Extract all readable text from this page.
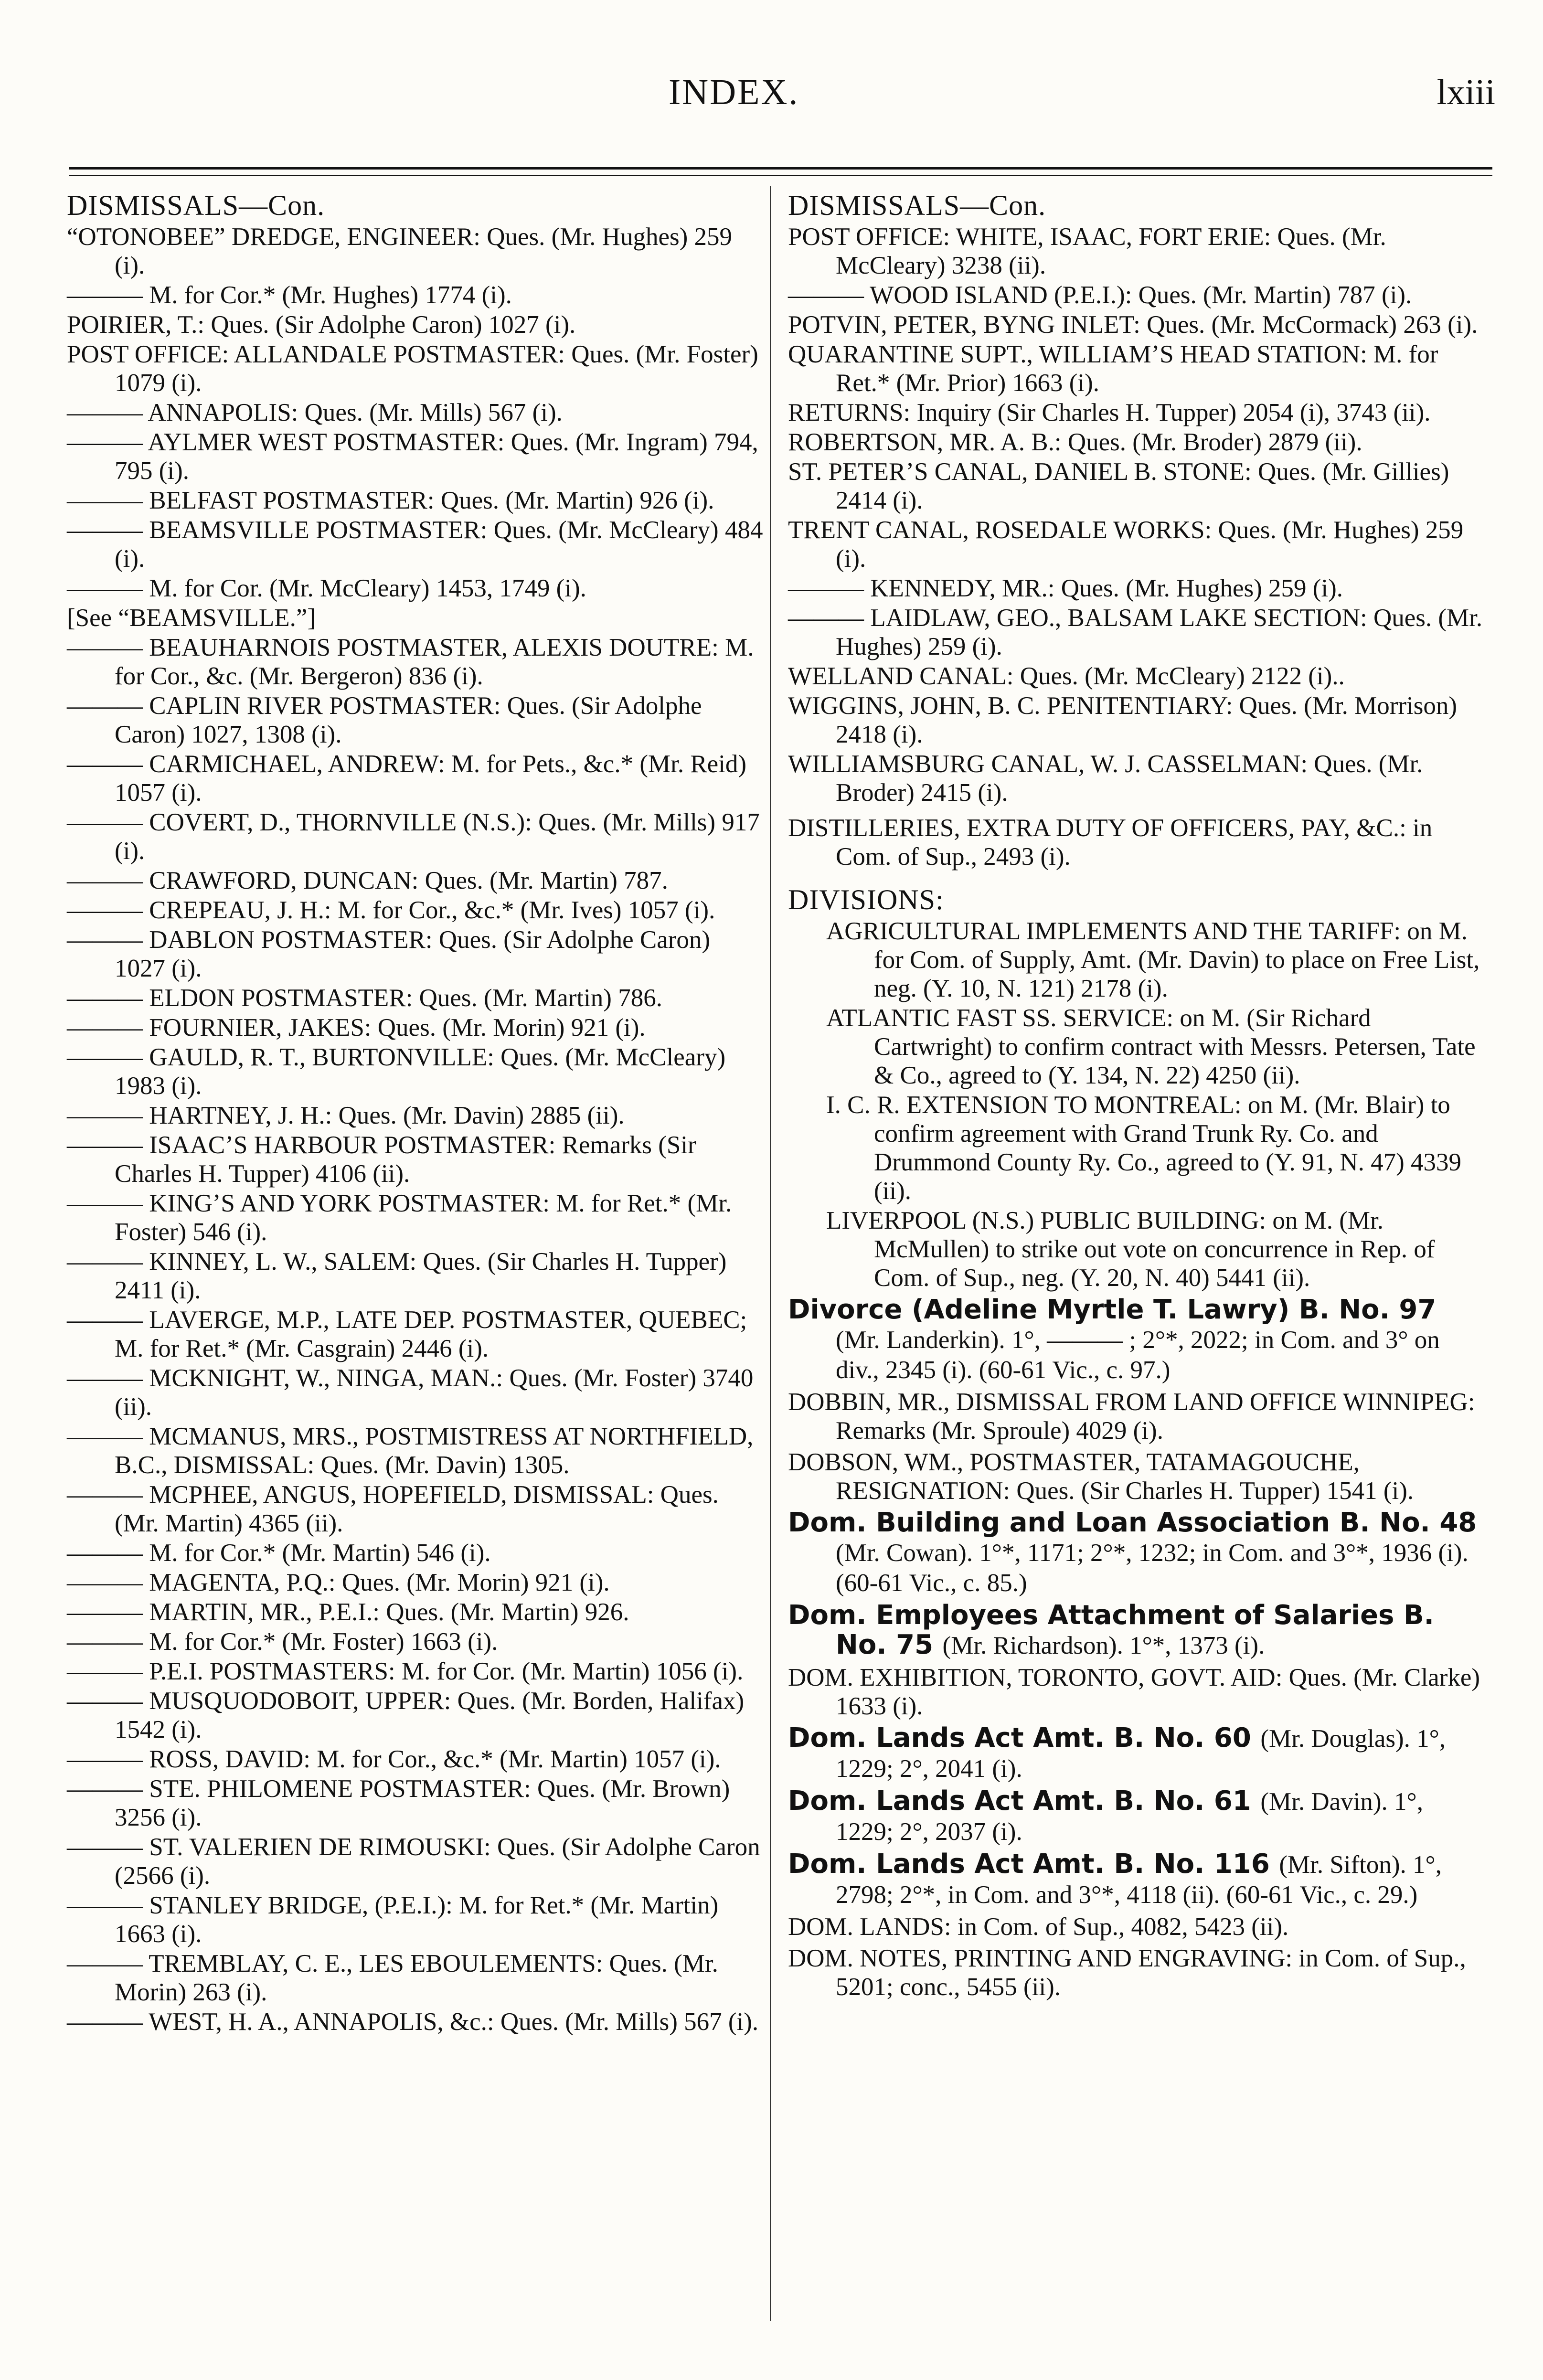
INDEX.	lxiii
DISMISSALS—Con.
“OTONOBEE” DREDGE, ENGINEER: Ques. (Mr. Hughes) 259 (i).
——— M. for Cor.* (Mr. Hughes) 1774 (i).
POIRIER, T.: Ques. (Sir Adolphe Caron) 1027 (i).
POST OFFICE: ALLANDALE POSTMASTER: Ques. (Mr. Foster) 1079 (i).
——— ANNAPOLIS: Ques. (Mr. Mills) 567 (i).
——— AYLMER WEST POSTMASTER: Ques. (Mr. Ingram) 794, 795 (i).
——— BELFAST POSTMASTER: Ques. (Mr. Martin) 926 (i).
——— BEAMSVILLE POSTMASTER: Ques. (Mr. McCleary) 484 (i).
——— M. for Cor. (Mr. McCleary) 1453, 1749 (i).
[See “BEAMSVILLE.”]
——— BEAUHARNOIS POSTMASTER, ALEXIS DOUTRE: M. for Cor., &c. (Mr. Bergeron) 836 (i).
——— CAPLIN RIVER POSTMASTER: Ques. (Sir Adolphe Caron) 1027, 1308 (i).
——— CARMICHAEL, ANDREW: M. for Pets., &c.* (Mr. Reid) 1057 (i).
——— COVERT, D., THORNVILLE (N.S.): Ques. (Mr. Mills) 917 (i).
——— CRAWFORD, DUNCAN: Ques. (Mr. Martin) 787.
——— CREPEAU, J. H.: M. for Cor., &c.* (Mr. Ives) 1057 (i).
——— DABLON POSTMASTER: Ques. (Sir Adolphe Caron) 1027 (i).
——— ELDON POSTMASTER: Ques. (Mr. Martin) 786.
——— FOURNIER, JAKES: Ques. (Mr. Morin) 921 (i).
——— GAULD, R. T., BURTONVILLE: Ques. (Mr. McCleary) 1983 (i).
——— HARTNEY, J. H.: Ques. (Mr. Davin) 2885 (ii).
——— ISAAC’S HARBOUR POSTMASTER: Remarks (Sir Charles H. Tupper) 4106 (ii).
——— KING’S AND YORK POSTMASTER: M. for Ret.* (Mr. Foster) 546 (i).
——— KINNEY, L. W., SALEM: Ques. (Sir Charles H. Tupper) 2411 (i).
——— LAVERGE, M.P., LATE DEP. POSTMASTER, QUEBEC; M. for Ret.* (Mr. Casgrain) 2446 (i).
——— MCKNIGHT, W., NINGA, MAN.: Ques. (Mr. Foster) 3740 (ii).
——— MCMANUS, MRS., POSTMISTRESS AT NORTHFIELD, B.C., DISMISSAL: Ques. (Mr. Davin) 1305.
——— MCPHEE, ANGUS, HOPEFIELD, DISMISSAL: Ques. (Mr. Martin) 4365 (ii).
——— M. for Cor.* (Mr. Martin) 546 (i).
——— MAGENTA, P.Q.: Ques. (Mr. Morin) 921 (i).
——— MARTIN, MR., P.E.I.: Ques. (Mr. Martin) 926.
——— M. for Cor.* (Mr. Foster) 1663 (i).
——— P.E.I. POSTMASTERS: M. for Cor. (Mr. Martin) 1056 (i).
——— MUSQUODOBOIT, UPPER: Ques. (Mr. Borden, Halifax) 1542 (i).
——— ROSS, DAVID: M. for Cor., &c.* (Mr. Martin) 1057 (i).
——— STE. PHILOMENE POSTMASTER: Ques. (Mr. Brown) 3256 (i).
——— ST. VALERIEN DE RIMOUSKI: Ques. (Sir Adolphe Caron (2566 (i).
——— STANLEY BRIDGE, (P.E.I.): M. for Ret.* (Mr. Martin) 1663 (i).
——— TREMBLAY, C. E., LES EBOULEMENTS: Ques. (Mr. Morin) 263 (i).
——— WEST, H. A., ANNAPOLIS, &c.: Ques. (Mr. Mills) 567 (i).
DISMISSALS—Con.
POST OFFICE: WHITE, ISAAC, FORT ERIE: Ques. (Mr. McCleary) 3238 (ii).
——— WOOD ISLAND (P.E.I.): Ques. (Mr. Martin) 787 (i).
POTVIN, PETER, BYNG INLET: Ques. (Mr. McCormack) 263 (i).
QUARANTINE SUPT., WILLIAM’S HEAD STATION: M. for Ret.* (Mr. Prior) 1663 (i).
RETURNS: Inquiry (Sir Charles H. Tupper) 2054 (i), 3743 (ii).
ROBERTSON, MR. A. B.: Ques. (Mr. Broder) 2879 (ii).
ST. PETER’S CANAL, DANIEL B. STONE: Ques. (Mr. Gillies) 2414 (i).
TRENT CANAL, ROSEDALE WORKS: Ques. (Mr. Hughes) 259 (i).
——— KENNEDY, MR.: Ques. (Mr. Hughes) 259 (i).
——— LAIDLAW, GEO., BALSAM LAKE SECTION: Ques. (Mr. Hughes) 259 (i).
WELLAND CANAL: Ques. (Mr. McCleary) 2122 (i)..
WIGGINS, JOHN, B. C. PENITENTIARY: Ques. (Mr. Morrison) 2418 (i).
WILLIAMSBURG CANAL, W. J. CASSELMAN: Ques. (Mr. Broder) 2415 (i).
DISTILLERIES, EXTRA DUTY OF OFFICERS, PAY, &C.: in Com. of Sup., 2493 (i).
DIVISIONS:
AGRICULTURAL IMPLEMENTS AND THE TARIFF: on M. for Com. of Supply, Amt. (Mr. Davin) to place on Free List, neg. (Y. 10, N. 121) 2178 (i).
ATLANTIC FAST SS. SERVICE: on M. (Sir Richard Cartwright) to confirm contract with Messrs. Petersen, Tate & Co., agreed to (Y. 134, N. 22) 4250 (ii).
I. C. R. EXTENSION TO MONTREAL: on M. (Mr. Blair) to confirm agreement with Grand Trunk Ry. Co. and Drummond County Ry. Co., agreed to (Y. 91, N. 47) 4339 (ii).
LIVERPOOL (N.S.) PUBLIC BUILDING: on M. (Mr. McMullen) to strike out vote on concurrence in Rep. of Com. of Sup., neg. (Y. 20, N. 40) 5441 (ii).
Divorce (Adeline Myrtle T. Lawry) B. No. 97 (Mr. Landerkin). 1°, ——— ; 2°*, 2022; in Com. and 3° on div., 2345 (i). (60-61 Vic., c. 97.)
DOBBIN, MR., DISMISSAL FROM LAND OFFICE WINNIPEG: Remarks (Mr. Sproule) 4029 (i).
DOBSON, WM., POSTMASTER, TATAMAGOUCHE, RESIGNATION: Ques. (Sir Charles H. Tupper) 1541 (i).
Dom. Building and Loan Association B. No. 48 (Mr. Cowan). 1°*, 1171; 2°*, 1232; in Com. and 3°*, 1936 (i). (60-61 Vic., c. 85.)
Dom. Employees Attachment of Salaries B. No. 75 (Mr. Richardson). 1°*, 1373 (i).
DOM. EXHIBITION, TORONTO, GOVT. AID: Ques. (Mr. Clarke) 1633 (i).
Dom. Lands Act Amt. B. No. 60 (Mr. Douglas). 1°, 1229; 2°, 2041 (i).
Dom. Lands Act Amt. B. No. 61 (Mr. Davin). 1°, 1229; 2°, 2037 (i).
Dom. Lands Act Amt. B. No. 116 (Mr. Sifton). 1°, 2798; 2°*, in Com. and 3°*, 4118 (ii). (60-61 Vic., c. 29.)
DOM. LANDS: in Com. of Sup., 4082, 5423 (ii).
DOM. NOTES, PRINTING AND ENGRAVING: in Com. of Sup., 5201; conc., 5455 (ii).
